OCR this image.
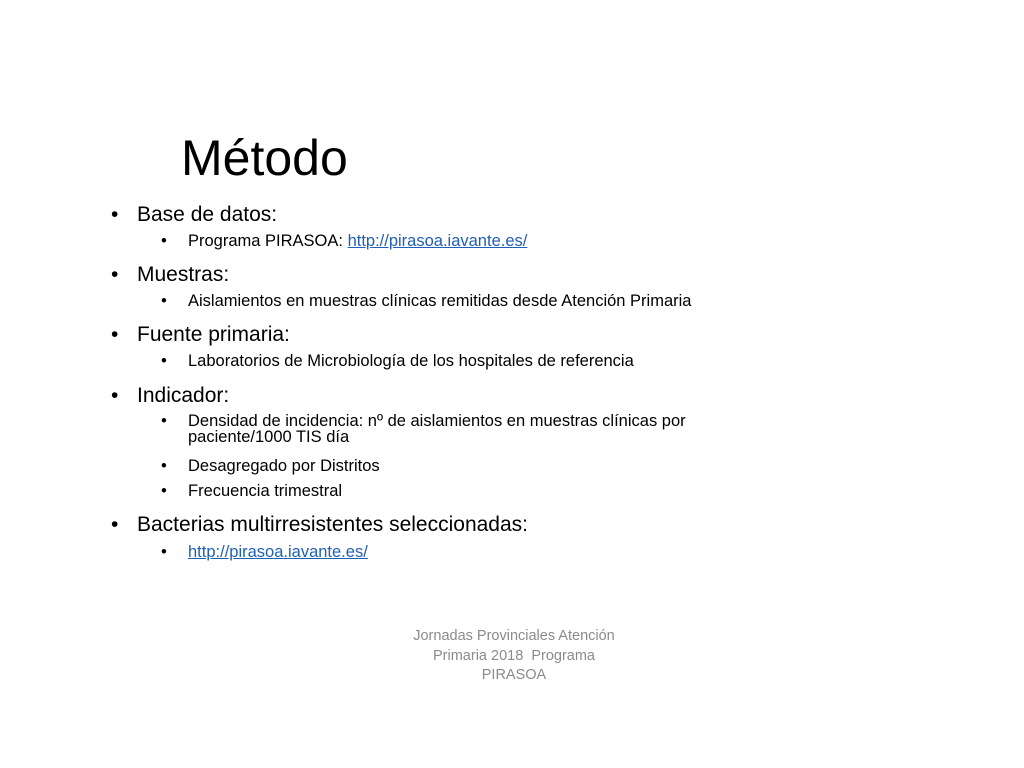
Método
• Base de datos:
• Programa PIRASOA: http://pirasoa.iavante.es/
• Muestras:
• Aislamientos en muestras clínicas remitidas desde Atención Primaria
• Fuente primaria:
• Laboratorios de Microbiología de los hospitales de referencia
• Indicador:
• Densidad de incidencia: nº de aislamientos en muestras clínicas por
paciente/1000 TIS día
• Desagregado por Distritos
• Frecuencia trimestral
• Bacterias multirresistentes seleccionadas:
• http://pirasoa.iavante.es/
Jornadas Provinciales Atención
Primaria 2018  Programa
PIRASOA
